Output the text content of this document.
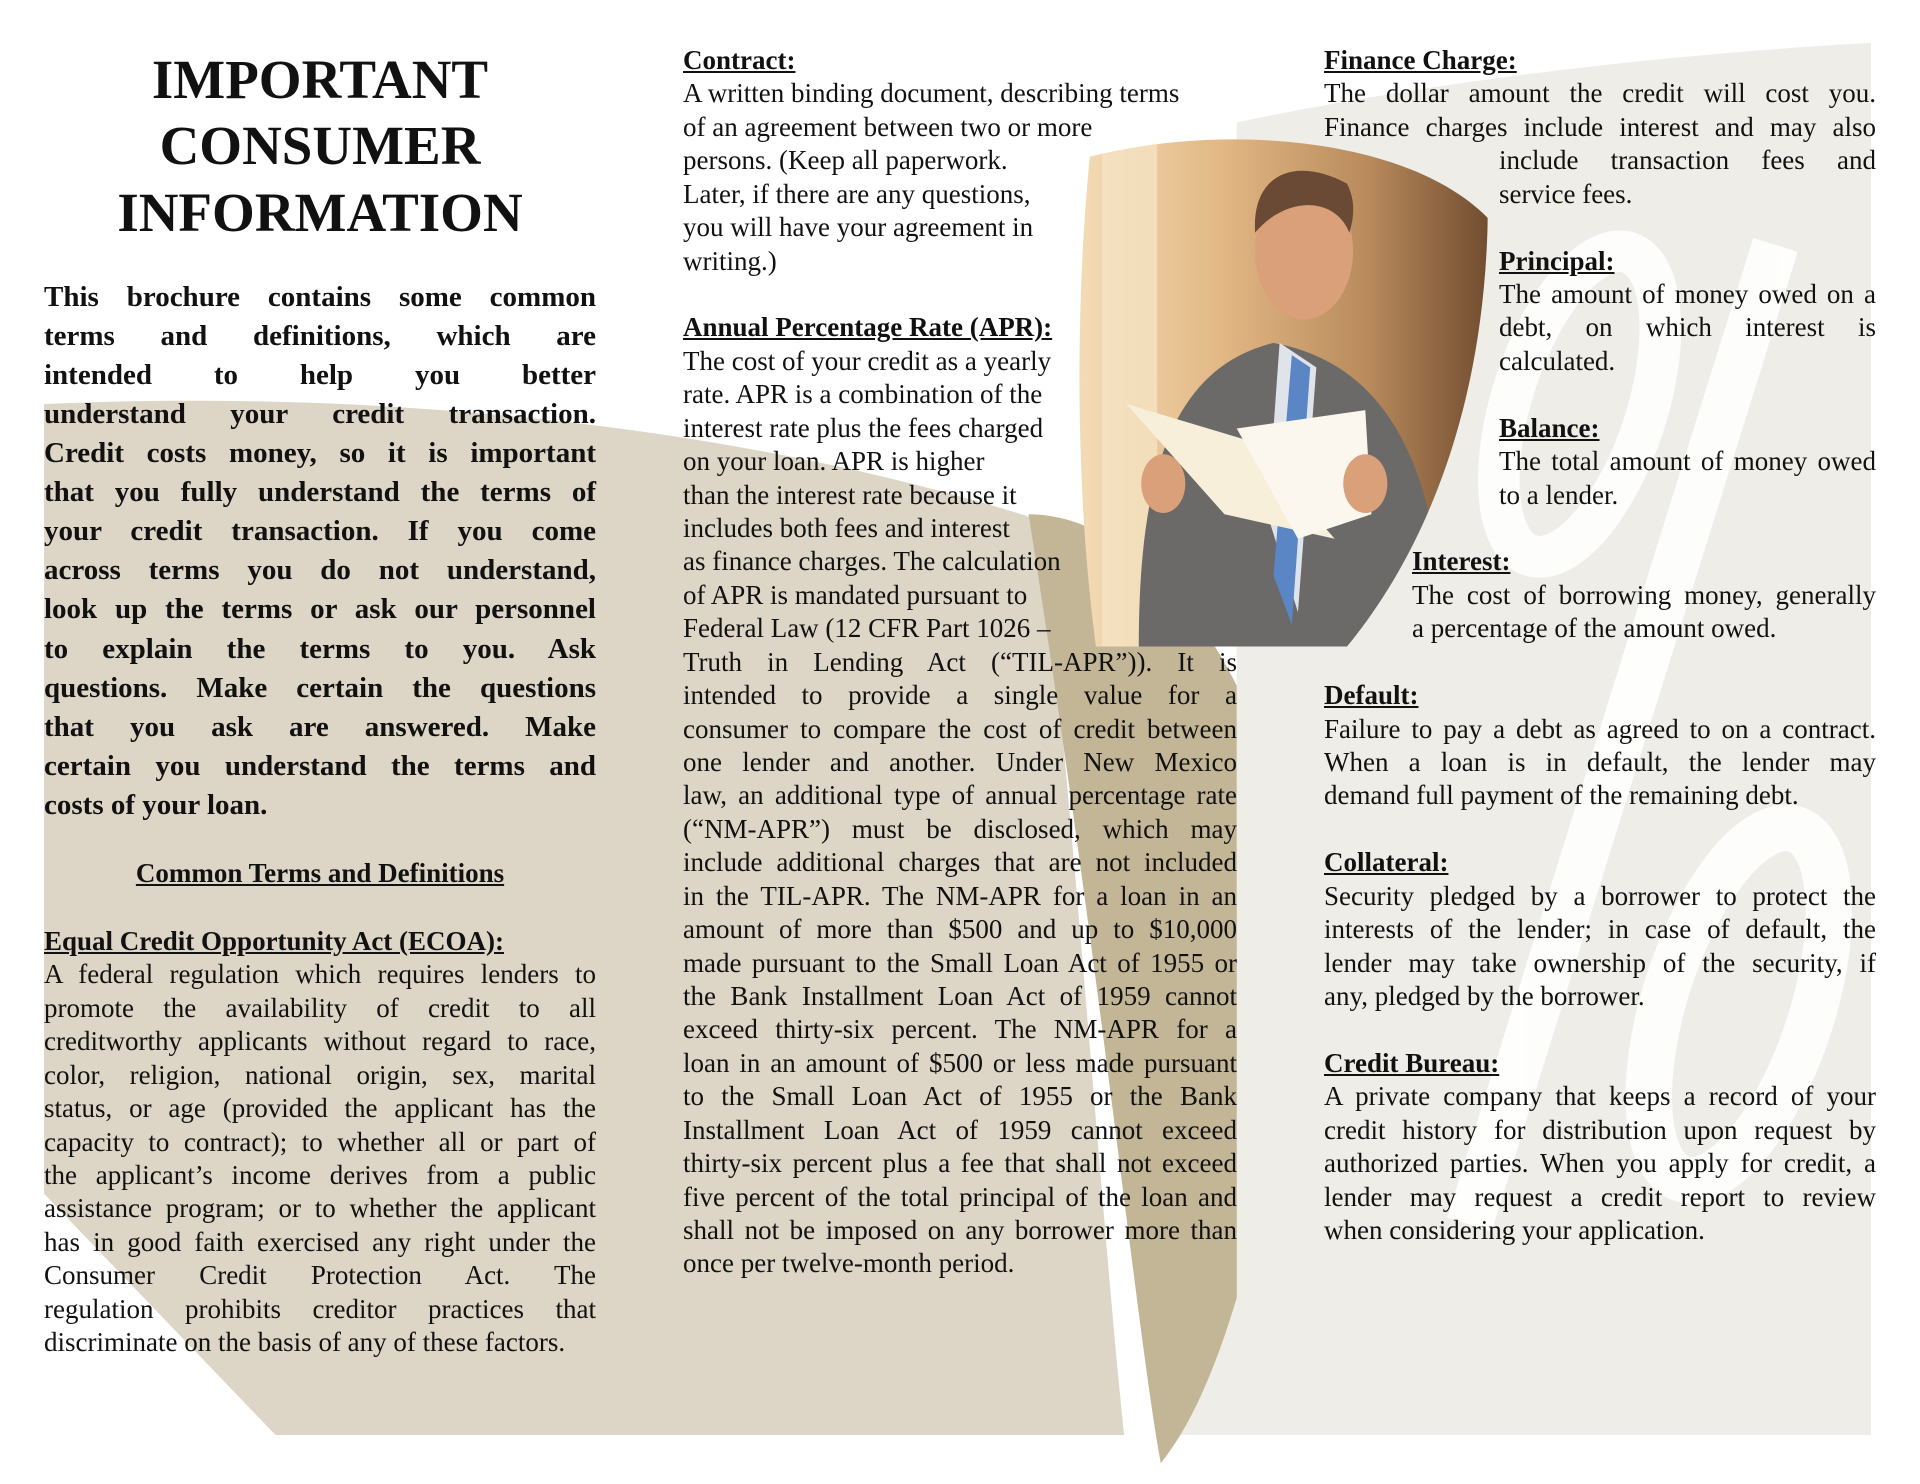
IMPORTANT
CONSUMER
INFORMATION
This brochure contains some common
terms and definitions, which are
intended to help you better
understand your credit transaction.
Credit costs money, so it is important
that you fully understand the terms of
your credit transaction. If you come
across terms you do not understand,
look up the terms or ask our personnel
to explain the terms to you. Ask
questions. Make certain the questions
that you ask are answered. Make
certain you understand the terms and
costs of your loan.
Common Terms and Definitions
Equal Credit Opportunity Act (ECOA):
A federal regulation which requires lenders to
promote the availability of credit to all
creditworthy applicants without regard to race,
color, religion, national origin, sex, marital
status, or age (provided the applicant has the
capacity to contract); to whether all or part of
the applicant’s income derives from a public
assistance program; or to whether the applicant
has in good faith exercised any right under the
Consumer Credit Protection Act. The
regulation prohibits creditor practices that
discriminate on the basis of any of these factors.
Contract:
A written binding document, describing terms
of an agreement between two or more
persons. (Keep all paperwork.
Later, if there are any questions,
you will have your agreement in
writing.)
Annual Percentage Rate (APR):
The cost of your credit as a yearly
rate. APR is a combination of the
interest rate plus the fees charged
on your loan. APR is higher
than the interest rate because it
includes both fees and interest
as finance charges. The calculation
of APR is mandated pursuant to
Federal Law (12 CFR Part 1026 –
Truth in Lending Act (“TIL-APR”)). It is
intended to provide a single value for a
consumer to compare the cost of credit between
one lender and another. Under New Mexico
law, an additional type of annual percentage rate
(“NM-APR”) must be disclosed, which may
include additional charges that are not included
in the TIL-APR. The NM-APR for a loan in an
amount of more than $500 and up to $10,000
made pursuant to the Small Loan Act of 1955 or
the Bank Installment Loan Act of 1959 cannot
exceed thirty-six percent. The NM-APR for a
loan in an amount of $500 or less made pursuant
to the Small Loan Act of 1955 or the Bank
Installment Loan Act of 1959 cannot exceed
thirty-six percent plus a fee that shall not exceed
five percent of the total principal of the loan and
shall not be imposed on any borrower more than
once per twelve-month period.
Finance Charge:
The dollar amount the credit will cost you.
Finance charges include interest and may also
include transaction fees and
service fees.
Principal:
The amount of money owed on a
debt, on which interest is
calculated.
Balance:
The total amount of money owed
to a lender.
Interest:
The cost of borrowing money, generally
a percentage of the amount owed.
Default:
Failure to pay a debt as agreed to on a contract.
When a loan is in default, the lender may
demand full payment of the remaining debt.
Collateral:
Security pledged by a borrower to protect the
interests of the lender; in case of default, the
lender may take ownership of the security, if
any, pledged by the borrower.
Credit Bureau:
A private company that keeps a record of your
credit history for distribution upon request by
authorized parties. When you apply for credit, a
lender may request a credit report to review
when considering your application.
